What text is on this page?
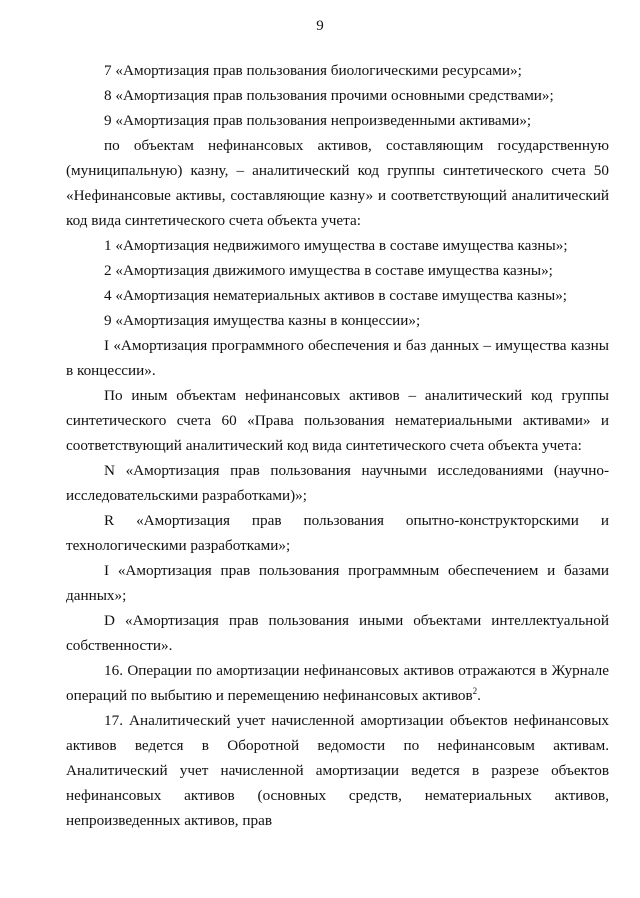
9

7 «Амортизация прав пользования биологическими ресурсами»;

8 «Амортизация прав пользования прочими основными средствами»;

9 «Амортизация прав пользования непроизведенными активами»;

по объектам нефинансовых активов, составляющим государственную (муниципальную) казну, – аналитический код группы синтетического счета 50 «Нефинансовые активы, составляющие казну» и соответствующий аналитический код вида синтетического счета объекта учета:

1 «Амортизация недвижимого имущества в составе имущества казны»;

2 «Амортизация движимого имущества в составе имущества казны»;

4 «Амортизация нематериальных активов в составе имущества казны»;

9 «Амортизация имущества казны в концессии»;

I «Амортизация программного обеспечения и баз данных – имущества казны в концессии».

По иным объектам нефинансовых активов – аналитический код группы синтетического счета 60 «Права пользования нематериальными активами» и соответствующий аналитический код вида синтетического счета объекта учета:

N «Амортизация прав пользования научными исследованиями (научно-исследовательскими разработками)»;

R «Амортизация прав пользования опытно-конструкторскими и технологическими разработками»;

I «Амортизация прав пользования программным обеспечением и базами данных»;

D «Амортизация прав пользования иными объектами интеллектуальной собственности».

16. Операции по амортизации нефинансовых активов отражаются в Журнале операций по выбытию и перемещению нефинансовых активов$^2$.

17. Аналитический учет начисленной амортизации объектов нефинансовых активов ведется в Оборотной ведомости по нефинансовым активам. Аналитический учет начисленной амортизации ведется в разрезе объектов нефинансовых активов (основных средств, нематериальных активов, непроизведенных активов, прав
